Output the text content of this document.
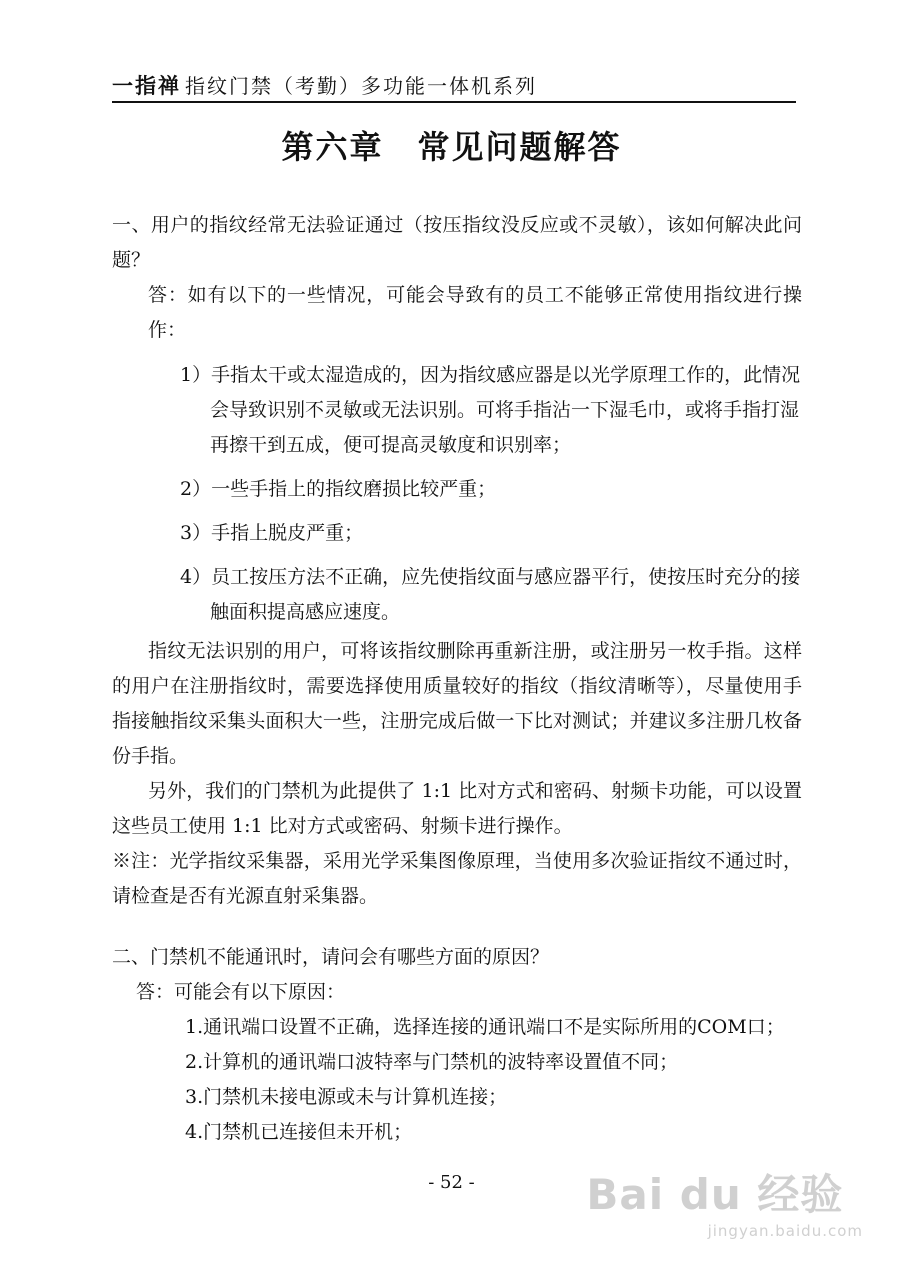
一指禅 指纹门禁（考勤）多功能一体机系列
第六章　常见问题解答

一、用户的指纹经常无法验证通过（按压指纹没反应或不灵敏），该如何解决此问题？

答：如有以下的一些情况，可能会导致有的员工不能够正常使用指纹进行操作：

1）手指太干或太湿造成的，因为指纹感应器是以光学原理工作的，此情况会导致识别不灵敏或无法识别。可将手指沾一下湿毛巾，或将手指打湿再擦干到五成，便可提高灵敏度和识别率；

2）一些手指上的指纹磨损比较严重；

3）手指上脱皮严重；

4）员工按压方法不正确，应先使指纹面与感应器平行，使按压时充分的接触面积提高感应速度。

指纹无法识别的用户，可将该指纹删除再重新注册，或注册另一枚手指。这样的用户在注册指纹时，需要选择使用质量较好的指纹（指纹清晰等），尽量使用手指接触指纹采集头面积大一些，注册完成后做一下比对测试；并建议多注册几枚备份手指。

另外，我们的门禁机为此提供了 1:1 比对方式和密码、射频卡功能，可以设置这些员工使用 1:1 比对方式或密码、射频卡进行操作。

※注：光学指纹采集器，采用光学采集图像原理，当使用多次验证指纹不通过时，请检查是否有光源直射采集器。

二、门禁机不能通讯时，请问会有哪些方面的原因？

答：可能会有以下原因：

1.通讯端口设置不正确，选择连接的通讯端口不是实际所用的COM口；

2.计算机的通讯端口波特率与门禁机的波特率设置值不同；

3.门禁机未接电源或未与计算机连接；

4.门禁机已连接但未开机；

- 52 -	Bai du 经验
jingyan.baidu.com
